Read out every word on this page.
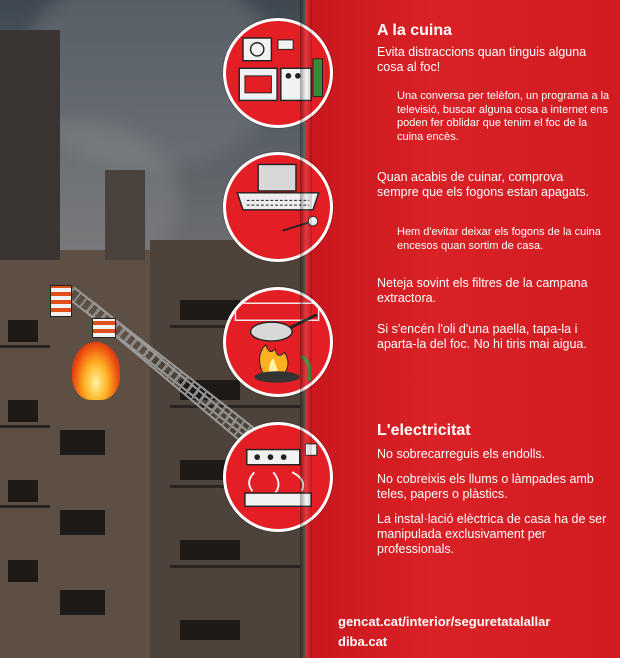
A la cuina
Evita distraccions quan tinguis alguna cosa al foc!
Una conversa per telèfon, un programa a la televisió, buscar alguna cosa a internet ens poden fer oblidar que tenim el foc de la cuina encès.
Quan acabis de cuinar, comprova sempre que els fogons estan apagats.
Hem d'evitar deixar els fogons de la cuina encesos quan sortim de casa.
Neteja sovint els filtres de la campana extractora.
Si s'encén l'oli d'una paella, tapa-la i aparta-la del foc. No hi tiris mai aigua.
L'electricitat
No sobrecarreguis els endolls.
No cobreixis els llums o làmpades amb teles, papers o plàstics.
La instal·lació elèctrica de casa ha de ser manipulada exclusivament per professionals.
gencat.cat/interior/seguretatalallar
diba.cat
